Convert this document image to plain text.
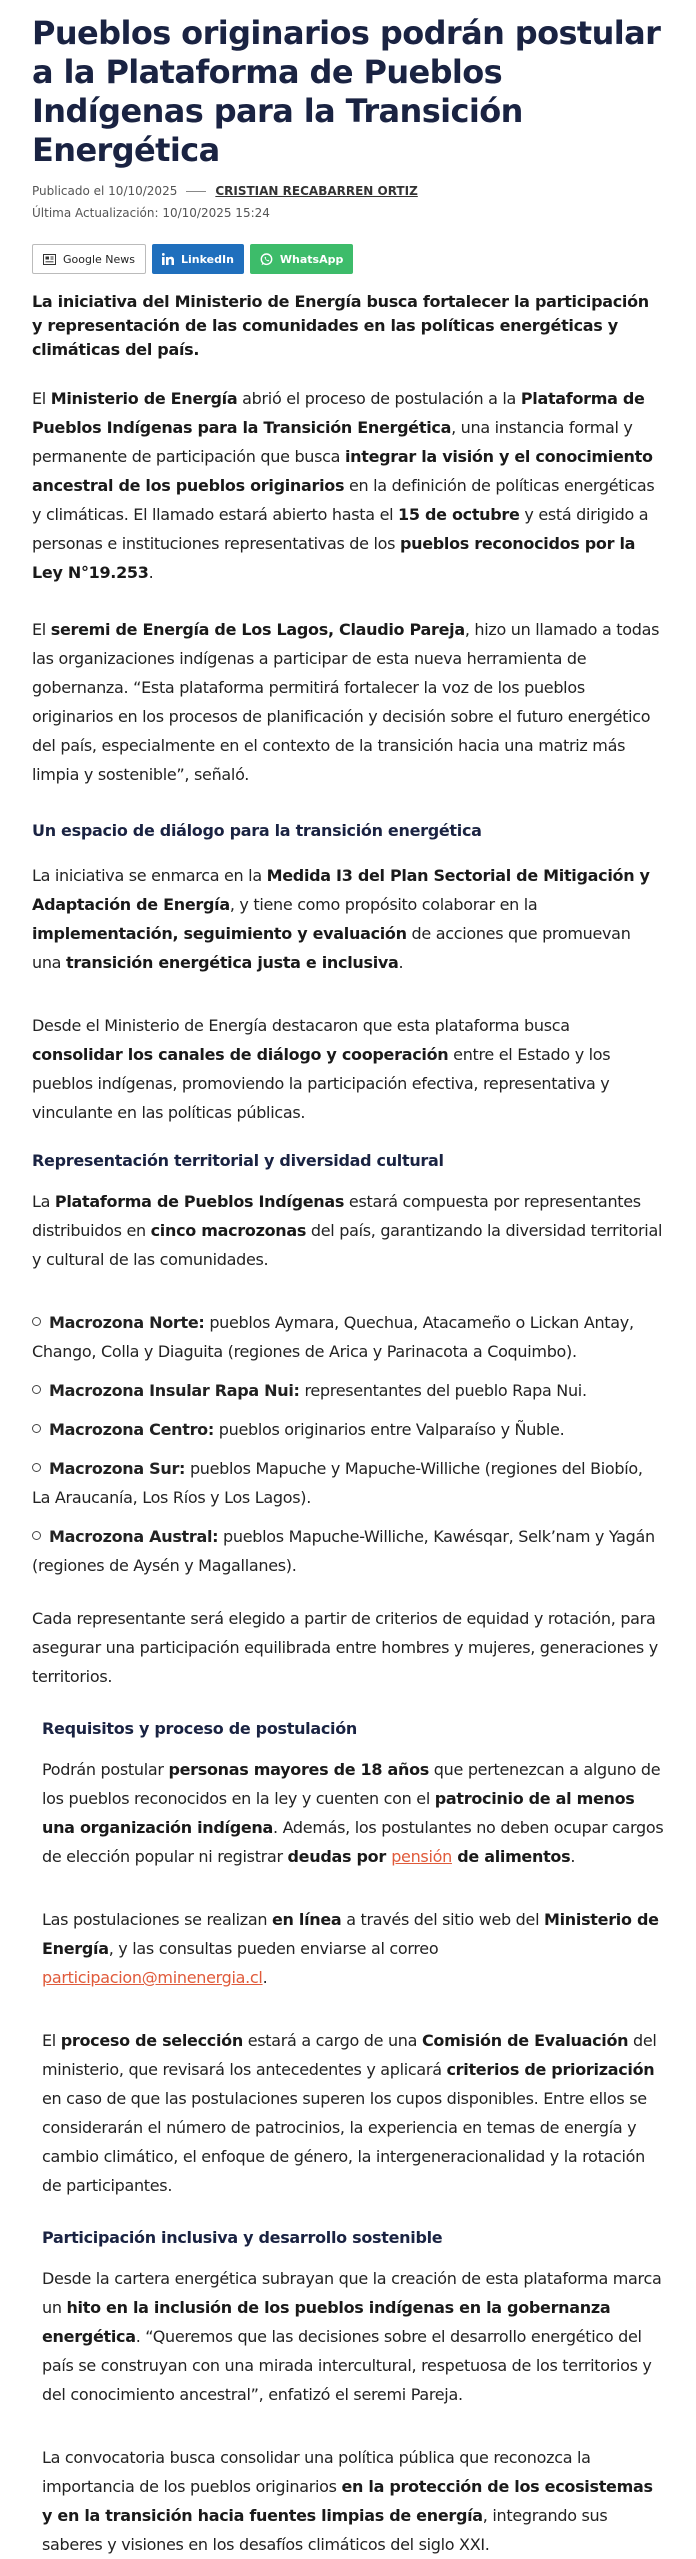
Pueblos originarios podrán postular a la Plataforma de Pueblos Indígenas para la Transición Energética
Publicado el 10/10/2025	CRISTIAN RECABARREN ORTIZ
Última Actualización: 10/10/2025 15:24
Google News	LinkedIn	WhatsApp
La iniciativa del Ministerio de Energía busca fortalecer la participación y representación de las comunidades en las políticas energéticas y climáticas del país.

El Ministerio de Energía abrió el proceso de postulación a la Plataforma de Pueblos Indígenas para la Transición Energética, una instancia formal y permanente de participación que busca integrar la visión y el conocimiento ancestral de los pueblos originarios en la definición de políticas energéticas y climáticas. El llamado estará abierto hasta el 15 de octubre y está dirigido a personas e instituciones representativas de los pueblos reconocidos por la Ley N°19.253.

El seremi de Energía de Los Lagos, Claudio Pareja, hizo un llamado a todas las organizaciones indígenas a participar de esta nueva herramienta de gobernanza. “Esta plataforma permitirá fortalecer la voz de los pueblos originarios en los procesos de planificación y decisión sobre el futuro energético del país, especialmente en el contexto de la transición hacia una matriz más limpia y sostenible”, señaló.

Un espacio de diálogo para la transición energética

La iniciativa se enmarca en la Medida I3 del Plan Sectorial de Mitigación y Adaptación de Energía, y tiene como propósito colaborar en la implementación, seguimiento y evaluación de acciones que promuevan una transición energética justa e inclusiva.

Desde el Ministerio de Energía destacaron que esta plataforma busca consolidar los canales de diálogo y cooperación entre el Estado y los pueblos indígenas, promoviendo la participación efectiva, representativa y vinculante en las políticas públicas.

Representación territorial y diversidad cultural

La Plataforma de Pueblos Indígenas estará compuesta por representantes distribuidos en cinco macrozonas del país, garantizando la diversidad territorial y cultural de las comunidades.

Macrozona Norte: pueblos Aymara, Quechua, Atacameño o Lickan Antay, Chango, Colla y Diaguita (regiones de Arica y Parinacota a Coquimbo).
Macrozona Insular Rapa Nui: representantes del pueblo Rapa Nui.
Macrozona Centro: pueblos originarios entre Valparaíso y Ñuble.
Macrozona Sur: pueblos Mapuche y Mapuche-Williche (regiones del Biobío, La Araucanía, Los Ríos y Los Lagos).
Macrozona Austral: pueblos Mapuche-Williche, Kawésqar, Selk’nam y Yagán (regiones de Aysén y Magallanes).

Cada representante será elegido a partir de criterios de equidad y rotación, para asegurar una participación equilibrada entre hombres y mujeres, generaciones y territorios.

Requisitos y proceso de postulación

Podrán postular personas mayores de 18 años que pertenezcan a alguno de los pueblos reconocidos en la ley y cuenten con el patrocinio de al menos una organización indígena. Además, los postulantes no deben ocupar cargos de elección popular ni registrar deudas por pensión de alimentos.

Las postulaciones se realizan en línea a través del sitio web del Ministerio de Energía, y las consultas pueden enviarse al correo participacion@minenergia.cl.

El proceso de selección estará a cargo de una Comisión de Evaluación del ministerio, que revisará los antecedentes y aplicará criterios de priorización en caso de que las postulaciones superen los cupos disponibles. Entre ellos se considerarán el número de patrocinios, la experiencia en temas de energía y cambio climático, el enfoque de género, la intergeneracionalidad y la rotación de participantes.

Participación inclusiva y desarrollo sostenible

Desde la cartera energética subrayan que la creación de esta plataforma marca un hito en la inclusión de los pueblos indígenas en la gobernanza energética. “Queremos que las decisiones sobre el desarrollo energético del país se construyan con una mirada intercultural, respetuosa de los territorios y del conocimiento ancestral”, enfatizó el seremi Pareja.

La convocatoria busca consolidar una política pública que reconozca la importancia de los pueblos originarios en la protección de los ecosistemas y en la transición hacia fuentes limpias de energía, integrando sus saberes y visiones en los desafíos climáticos del siglo XXI.
